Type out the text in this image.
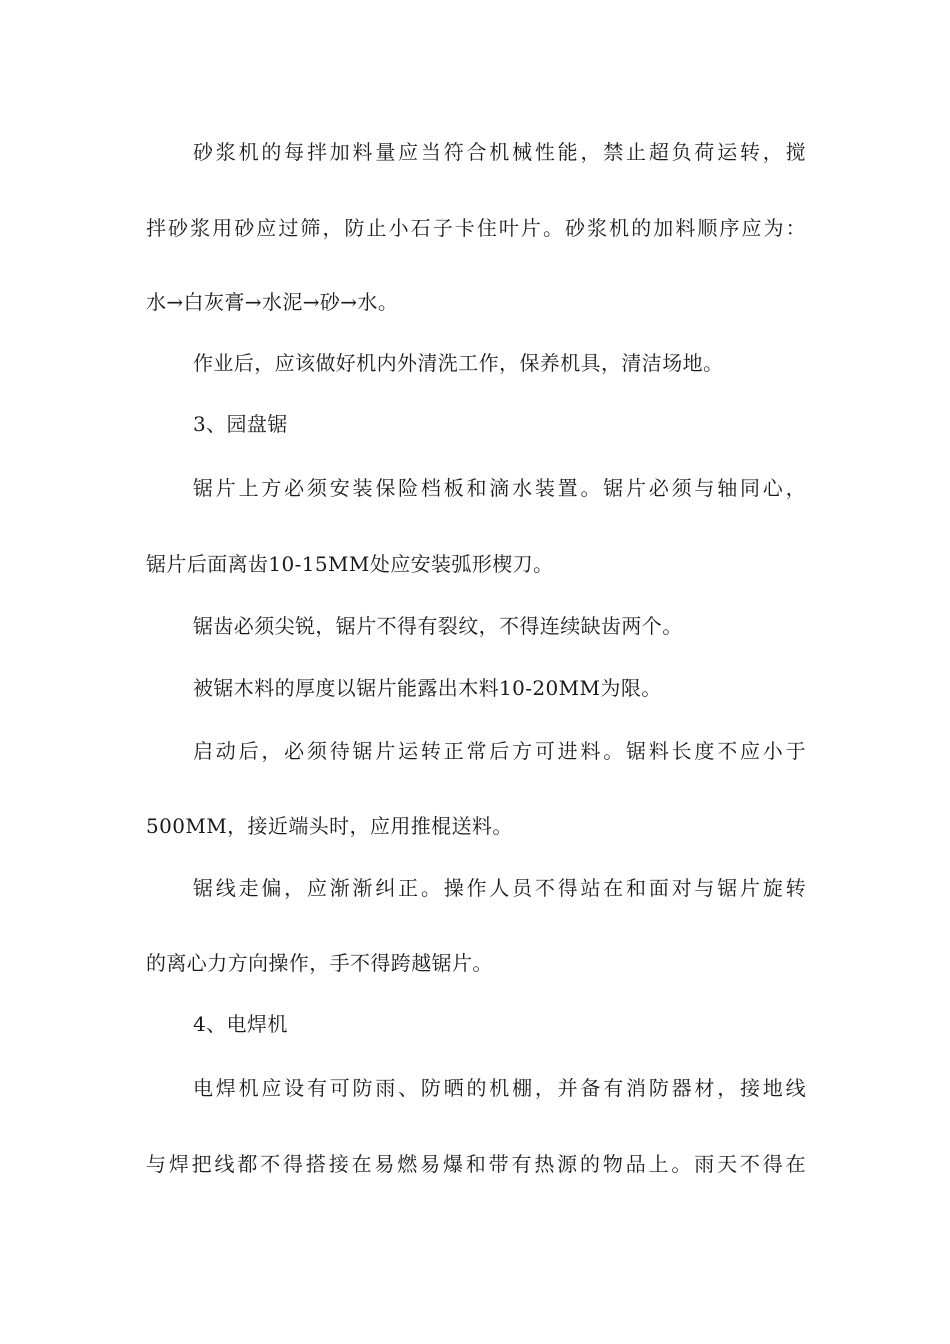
砂浆机的每拌加料量应当符合机械性能，禁止超负荷运转，搅
拌砂浆用砂应过筛，防止小石子卡住叶片。砂浆机的加料顺序应为：
水→白灰膏→水泥→砂→水。
作业后，应该做好机内外清洗工作，保养机具，清洁场地。
3、园盘锯
锯片上方必须安装保险档板和滴水装置。锯片必须与轴同心，
锯片后面离齿10-15MM处应安装弧形楔刀。
锯齿必须尖锐，锯片不得有裂纹，不得连续缺齿两个。
被锯木料的厚度以锯片能露出木料10-20MM为限。
启动后，必须待锯片运转正常后方可进料。锯料长度不应小于
500MM，接近端头时，应用推棍送料。
锯线走偏，应渐渐纠正。操作人员不得站在和面对与锯片旋转
的离心力方向操作，手不得跨越锯片。
4、电焊机
电焊机应设有可防雨、防晒的机棚，并备有消防器材，接地线
与焊把线都不得搭接在易燃易爆和带有热源的物品上。雨天不得在
